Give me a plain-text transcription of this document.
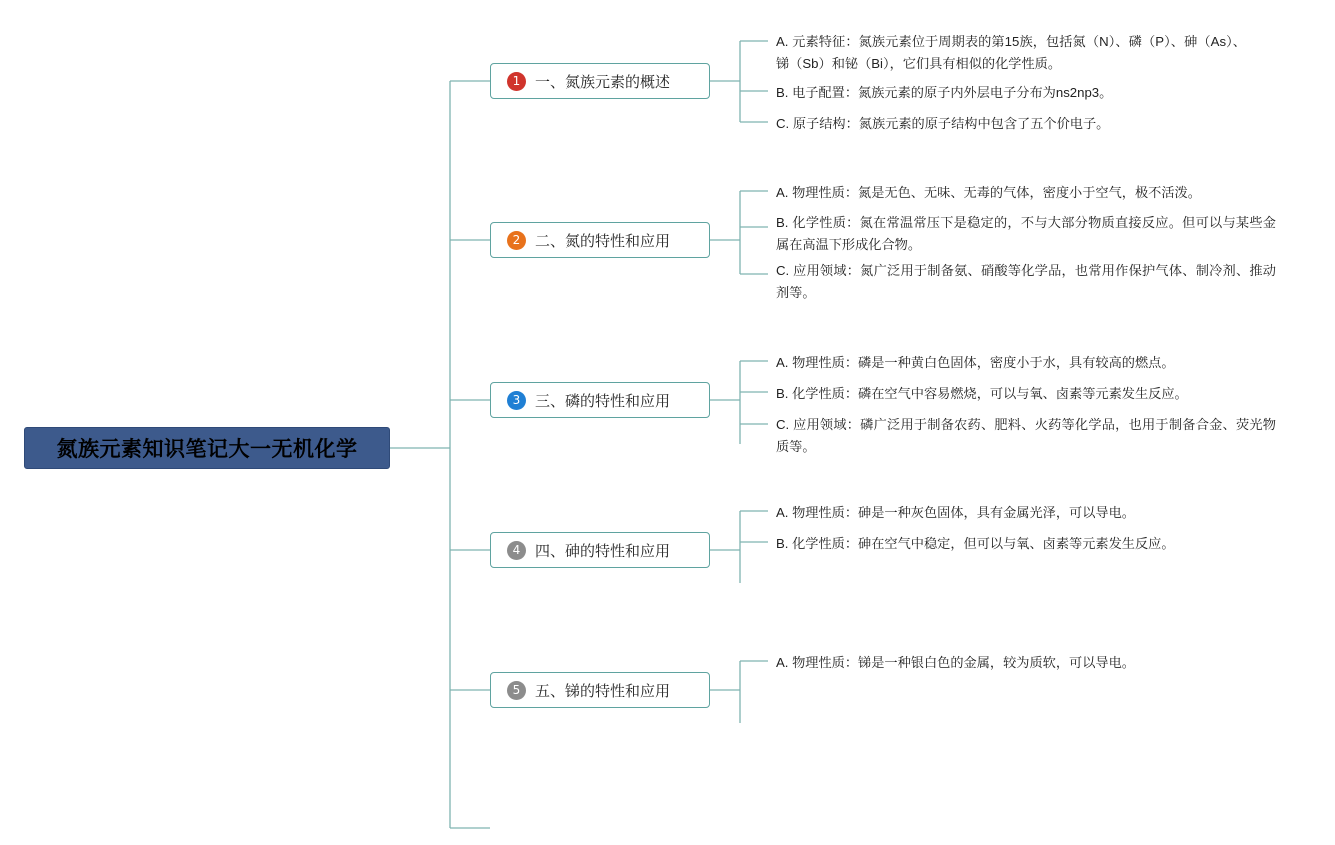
氮族元素知识笔记大一无机化学
1 一、氮族元素的概述
A. 元素特征：氮族元素位于周期表的第15族，包括氮（N）、磷（P）、砷（As）、锑（Sb）和铋（Bi），它们具有相似的化学性质。
B. 电子配置：氮族元素的原子内外层电子分布为ns2np3。
C. 原子结构：氮族元素的原子结构中包含了五个价电子。
2 二、氮的特性和应用
A. 物理性质：氮是无色、无味、无毒的气体，密度小于空气，极不活泼。
B. 化学性质：氮在常温常压下是稳定的，不与大部分物质直接反应。但可以与某些金属在高温下形成化合物。
C. 应用领域：氮广泛用于制备氨、硝酸等化学品，也常用作保护气体、制冷剂、推动剂等。
3 三、磷的特性和应用
A. 物理性质：磷是一种黄白色固体，密度小于水，具有较高的燃点。
B. 化学性质：磷在空气中容易燃烧，可以与氧、卤素等元素发生反应。
C. 应用领域：磷广泛用于制备农药、肥料、火药等化学品，也用于制备合金、荧光物质等。
4 四、砷的特性和应用
A. 物理性质：砷是一种灰色固体，具有金属光泽，可以导电。
B. 化学性质：砷在空气中稳定，但可以与氧、卤素等元素发生反应。
5 五、锑的特性和应用
A. 物理性质：锑是一种银白色的金属，较为质软，可以导电。
